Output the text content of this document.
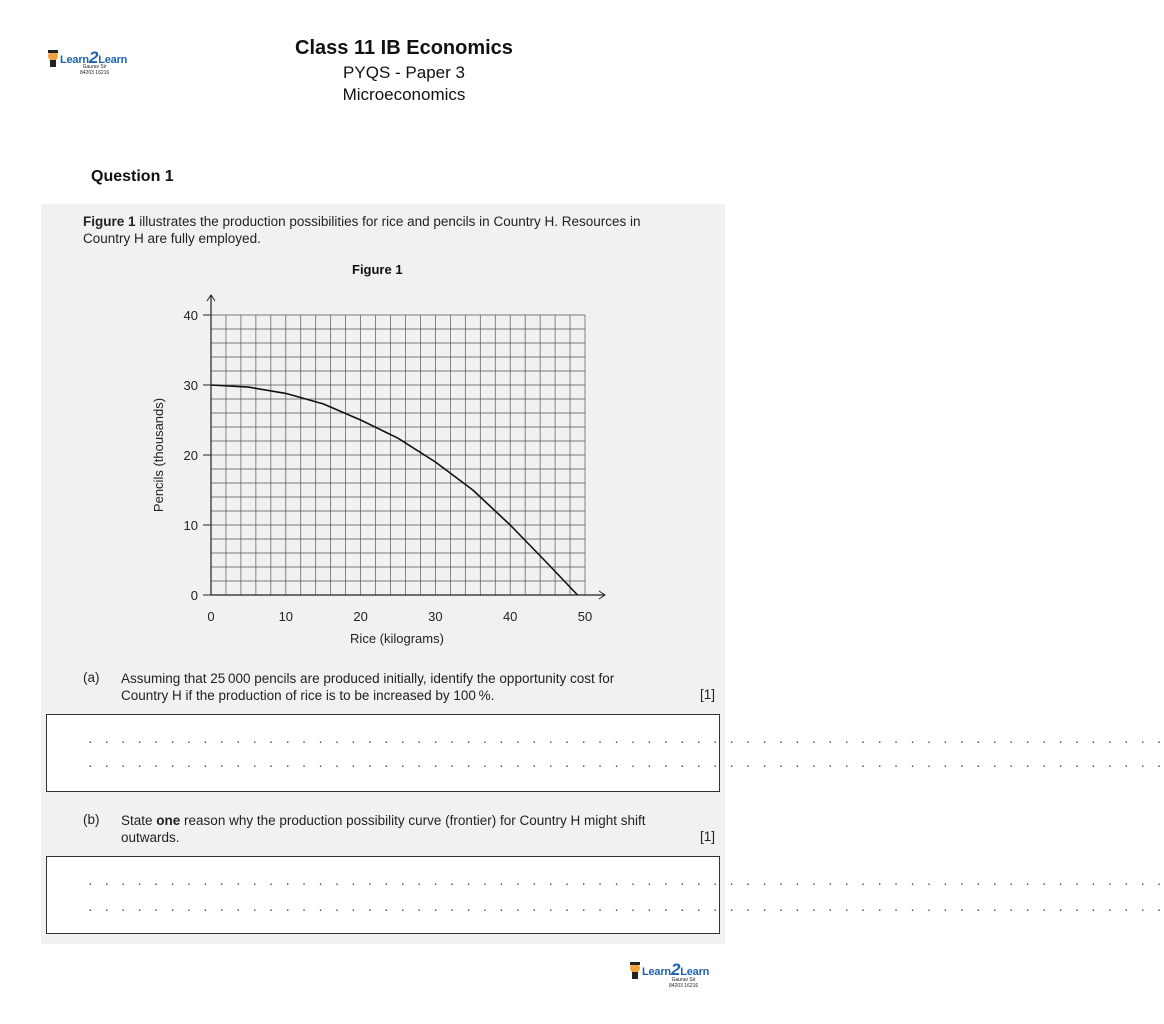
Learn2Learn
Gaurav Sir
84203 16216
Class 11 IB Economics
PYQS - Paper 3
Microeconomics
Question 1
Figure 1 illustrates the production possibilities for rice and pencils in Country H. Resources in Country H are fully employed.
Figure 1
0
10
20
30
40
0	10	20	30	40	50
Pencils (thousands)
Rice (kilograms)
(a) Assuming that 25 000 pencils are produced initially, identify the opportunity cost for Country H if the production of rice is to be increased by 100 %.	[1]
. . . . . . . . . . . . . . . . . . . . . . . . . . . . . . . . . . . . . . . . . . . . . . . . . . . . . . . . . . . . . . . . . .
. . . . . . . . . . . . . . . . . . . . . . . . . . . . . . . . . . . . . . . . . . . . . . . . . . . . . . . . . . . . . . . . . .
(b) State one reason why the production possibility curve (frontier) for Country H might shift outwards.	[1]
. . . . . . . . . . . . . . . . . . . . . . . . . . . . . . . . . . . . . . . . . . . . . . . . . . . . . . . . . . . . . . . . . .
. . . . . . . . . . . . . . . . . . . . . . . . . . . . . . . . . . . . . . . . . . . . . . . . . . . . . . . . . . . . . . . . . .
Learn2Learn
Gaurav Sir
84203 16216
